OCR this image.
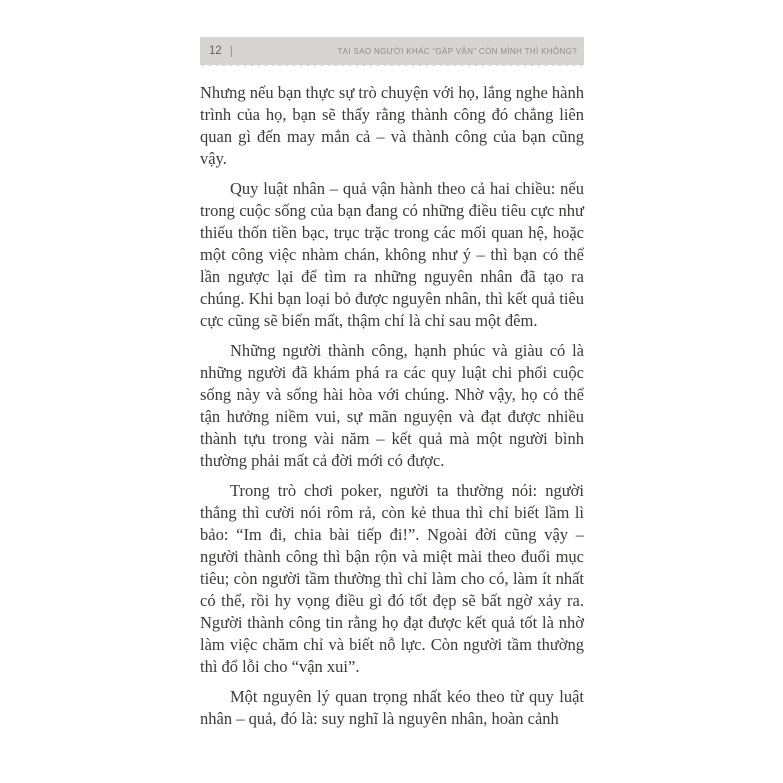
12 |	TẠI SAO NGƯỜI KHÁC “GẶP VẬN” CÒN MÌNH THÌ KHÔNG?

Nhưng nếu bạn thực sự trò chuyện với họ, lắng nghe hành trình của họ, bạn sẽ thấy rằng thành công đó chẳng liên quan gì đến may mắn cả – và thành công của bạn cũng vậy.

Quy luật nhân – quả vận hành theo cả hai chiều: nếu trong cuộc sống của bạn đang có những điều tiêu cực như thiếu thốn tiền bạc, trục trặc trong các mối quan hệ, hoặc một công việc nhàm chán, không như ý – thì bạn có thể lần ngược lại để tìm ra những nguyên nhân đã tạo ra chúng. Khi bạn loại bỏ được nguyên nhân, thì kết quả tiêu cực cũng sẽ biến mất, thậm chí là chỉ sau một đêm.

Những người thành công, hạnh phúc và giàu có là những người đã khám phá ra các quy luật chi phối cuộc sống này và sống hài hòa với chúng. Nhờ vậy, họ có thể tận hưởng niềm vui, sự mãn nguyện và đạt được nhiều thành tựu trong vài năm – kết quả mà một người bình thường phải mất cả đời mới có được.

Trong trò chơi poker, người ta thường nói: người thắng thì cười nói rôm rả, còn kẻ thua thì chỉ biết lầm lì bảo: “Im đi, chia bài tiếp đi!”. Ngoài đời cũng vậy – người thành công thì bận rộn và miệt mài theo đuổi mục tiêu; còn người tầm thường thì chỉ làm cho có, làm ít nhất có thể, rồi hy vọng điều gì đó tốt đẹp sẽ bất ngờ xảy ra. Người thành công tin rằng họ đạt được kết quả tốt là nhờ làm việc chăm chỉ và biết nỗ lực. Còn người tầm thường thì đổ lỗi cho “vận xui”.

Một nguyên lý quan trọng nhất kéo theo từ quy luật nhân – quả, đó là: suy nghĩ là nguyên nhân, hoàn cảnh
